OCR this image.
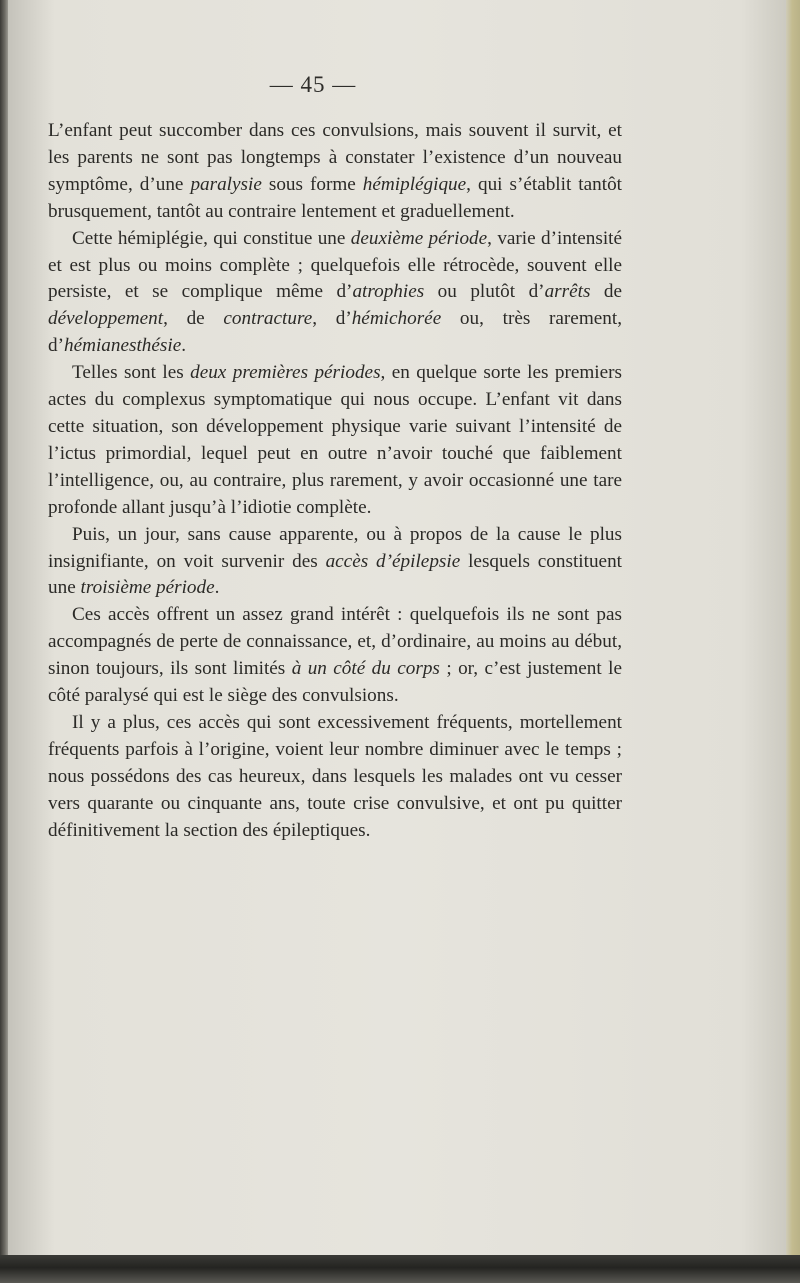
— 45 —

L’enfant peut succomber dans ces convulsions, mais souvent il survit, et les parents ne sont pas longtemps à constater l’existence d’un nouveau symptôme, d’une paralysie sous forme hémiplégique, qui s’établit tantôt brusquement, tantôt au contraire lentement et graduellement.

Cette hémiplégie, qui constitue une deuxième période, varie d’intensité et est plus ou moins complète ; quelquefois elle rétrocède, souvent elle persiste, et se complique même d’atrophies ou plutôt d’arrêts de développement, de contracture, d’hémichorée ou, très rarement, d’hémianesthésie.

Telles sont les deux premières périodes, en quelque sorte les premiers actes du complexus symptomatique qui nous occupe. L’enfant vit dans cette situation, son développement physique varie suivant l’intensité de l’ictus primordial, lequel peut en outre n’avoir touché que faiblement l’intelligence, ou, au contraire, plus rarement, y avoir occasionné une tare profonde allant jusqu’à l’idiotie complète.

Puis, un jour, sans cause apparente, ou à propos de la cause le plus insignifiante, on voit survenir des accès d’épilepsie lesquels constituent une troisième période.

Ces accès offrent un assez grand intérêt : quelquefois ils ne sont pas accompagnés de perte de connaissance, et, d’ordinaire, au moins au début, sinon toujours, ils sont limités à un côté du corps ; or, c’est justement le côté paralysé qui est le siège des convulsions.

Il y a plus, ces accès qui sont excessivement fréquents, mortellement fréquents parfois à l’origine, voient leur nombre diminuer avec le temps ; nous possédons des cas heureux, dans lesquels les malades ont vu cesser vers quarante ou cinquante ans, toute crise convulsive, et ont pu quitter définitivement la section des épileptiques.
